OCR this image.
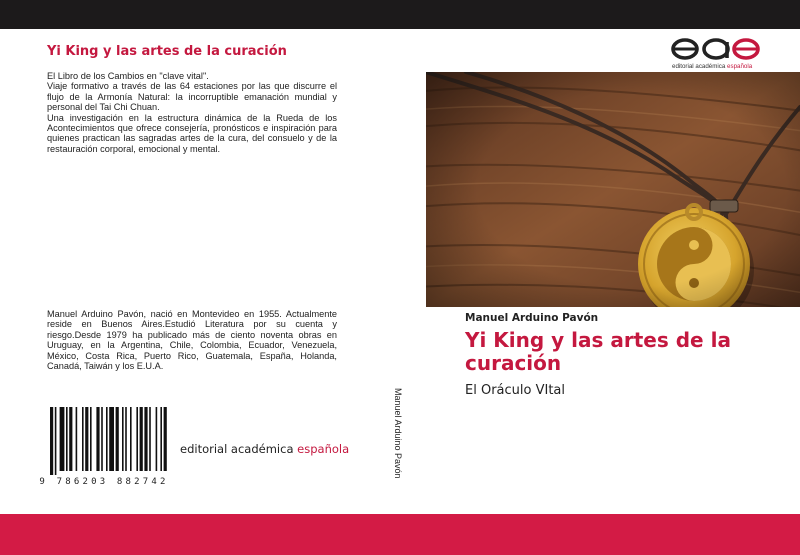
Yi King y las artes de la curación

El Libro de los Cambios en "clave vital".

Viaje formativo a través de las 64 estaciones por las que discurre el flujo de la Armonía Natural: la incorruptible emanación mundial y personal del Tai Chi Chuan.

Una investigación en la estructura dinámica de la Rueda de los Acontecimientos que ofrece consejería, pronósticos e inspiración para quienes practican las sagradas artes de la cura, del consuelo y de la restauración corporal, emocional y mental.

Manuel Arduino Pavón, nació en Montevideo en 1955. Actualmente reside en Buenos Aires.Estudió Literatura por su cuenta y riesgo.Desde 1979 ha publicado más de ciento noventa obras en Uruguay, en la Argentina, Chile, Colombia, Ecuador, Venezuela, México, Costa Rica, Puerto Rico, Guatemala, España, Holanda, Canadá, Taiwán y los E.U.A.
9 786203 882742
editorial académica española	Manuel Arduino Pavón
editorial académica española
Manuel Arduino Pavón
Yi King y las artes de la curación
El Oráculo VItal
